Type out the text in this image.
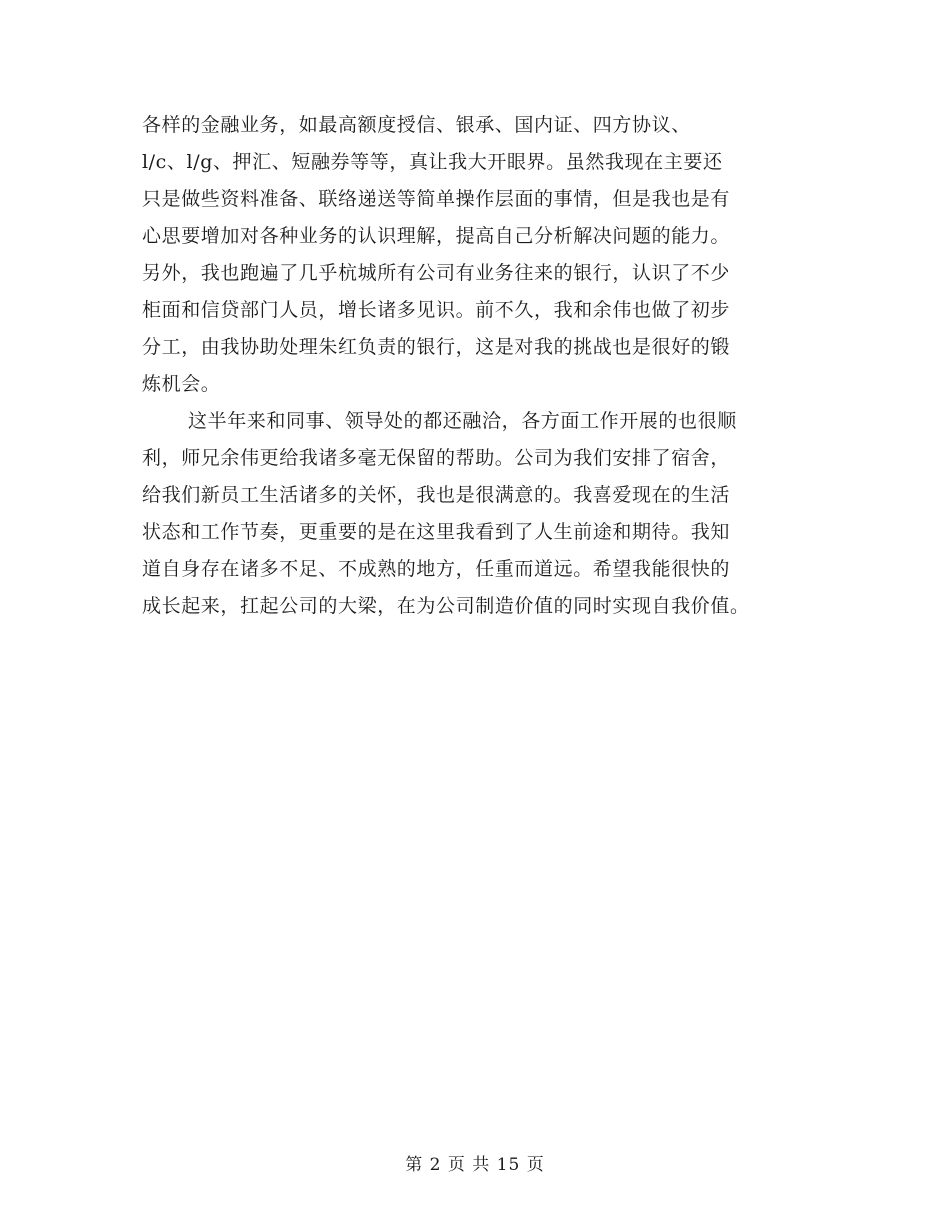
各样的金融业务，如最高额度授信、银承、国内证、四方协议、
l/c、l/g、押汇、短融券等等，真让我大开眼界。虽然我现在主要还
只是做些资料准备、联络递送等简单操作层面的事情，但是我也是有
心思要增加对各种业务的认识理解，提高自己分析解决问题的能力。
另外，我也跑遍了几乎杭城所有公司有业务往来的银行，认识了不少
柜面和信贷部门人员，增长诸多见识。前不久，我和余伟也做了初步
分工，由我协助处理朱红负责的银行，这是对我的挑战也是很好的锻
炼机会。
这半年来和同事、领导处的都还融洽，各方面工作开展的也很顺
利，师兄余伟更给我诸多毫无保留的帮助。公司为我们安排了宿舍，
给我们新员工生活诸多的关怀，我也是很满意的。我喜爱现在的生活
状态和工作节奏，更重要的是在这里我看到了人生前途和期待。我知
道自身存在诸多不足、不成熟的地方，任重而道远。希望我能很快的
成长起来，扛起公司的大梁，在为公司制造价值的同时实现自我价值。
第 2 页 共 15 页
